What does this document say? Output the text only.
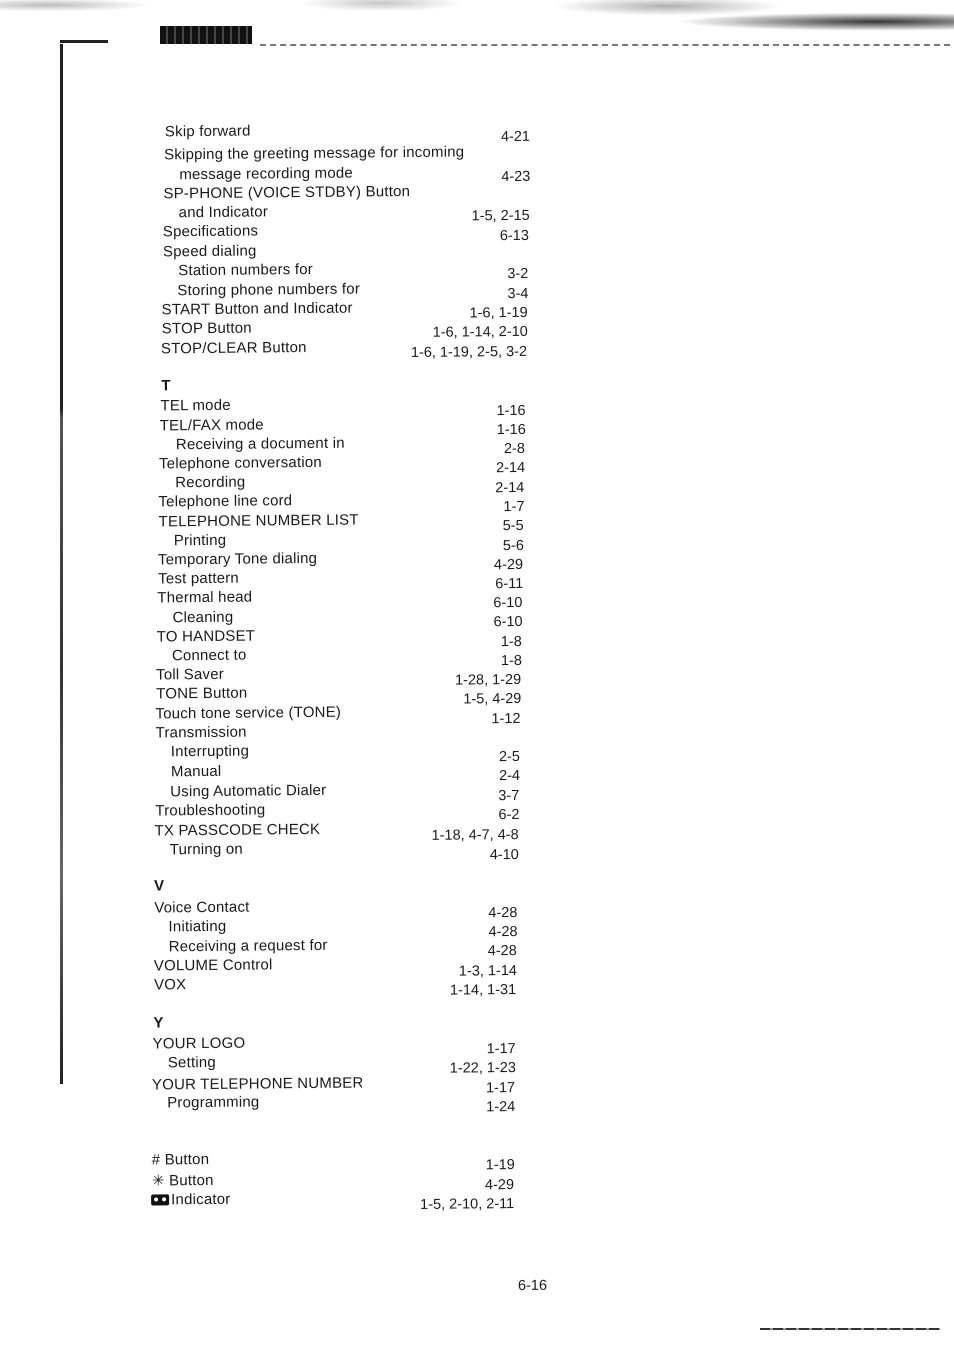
Skip forward	4-21
Skipping the greeting message for incoming
message recording mode	4-23
SP-PHONE (VOICE STDBY) Button
and Indicator	1-5, 2-15
Specifications	6-13
Speed dialing
Station numbers for	3-2
Storing phone numbers for	3-4
START Button and Indicator	1-6, 1-19
STOP Button	1-6, 1-14, 2-10
STOP/CLEAR Button	1-6, 1-19, 2-5, 3-2
T
TEL mode	1-16
TEL/FAX mode	1-16
Receiving a document in	2-8
Telephone conversation	2-14
Recording	2-14
Telephone line cord	1-7
TELEPHONE NUMBER LIST	5-5
Printing	5-6
Temporary Tone dialing	4-29
Test pattern	6-11
Thermal head	6-10
Cleaning	6-10
TO HANDSET	1-8
Connect to	1-8
Toll Saver	1-28, 1-29
TONE Button	1-5, 4-29
Touch tone service (TONE)	1-12
Transmission
Interrupting	2-5
Manual	2-4
Using Automatic Dialer	3-7
Troubleshooting	6-2
TX PASSCODE CHECK	1-18, 4-7, 4-8
Turning on	4-10
V
Voice Contact	4-28
Initiating	4-28
Receiving a request for	4-28
VOLUME Control	1-3, 1-14
VOX	1-14, 1-31
Y
YOUR LOGO	1-17
Setting	1-22, 1-23
YOUR TELEPHONE NUMBER	1-17
Programming	1-24
# Button	1-19
✳ Button	4-29
Indicator	1-5, 2-10, 2-11
6-16
